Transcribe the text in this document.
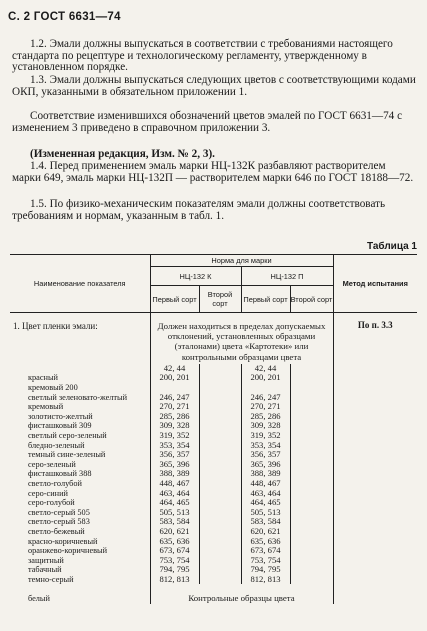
С. 2 ГОСТ 6631—74

1.2. Эмали должны выпускаться в соответствии с требованиями настоящего стандарта по рецептуре и технологическому регламенту, утвержденному в установленном порядке.

1.3. Эмали должны выпускаться следующих цветов с соответствующими кодами ОКП, указанными в обязательном приложении 1.

Соответствие изменившихся обозначений цветов эмалей по ГОСТ 6631—74 с изменением 3 приведено в справочном приложении 3.

(Измененная редакция, Изм. № 2, 3).

1.4. Перед применением эмаль марки НЦ-132К разбавляют растворителем марки 649, эмаль марки НЦ-132П — растворителем марки 646 по ГОСТ 18188—72.

1.5. По физико-механическим показателям эмали должны соответствовать требованиям и нормам, указанным в табл. 1.

Таблица 1
Наименование показателя	Норма для марки				Метод испытания
	НЦ-132 К		НЦ-132 П		
	Первый сорт	Второй сорт	Первый сорт	Второй сорт	
1. Цвет пленки эмали:	Должен находиться в пределах допускаемых отклонений, установленных образцами (эталонами) цвета «Картотеки» или контрольными образцами цвета				По п. 3.3
	42, 44		42, 44		
красный	200, 201		200, 201		
кремовый 200					
светлый зеленовато-желтый	246, 247		246, 247		
кремовый	270, 271		270, 271		
золотисто-желтый	285, 286		285, 286		
фисташковый 309	309, 328		309, 328		
светлый серо-зеленый	319, 352		319, 352		
бледно-зеленый	353, 354		353, 354		
темный сине-зеленый	356, 357		356, 357		
серо-зеленый	365, 396		365, 396		
фисташковый 388	388, 389		388, 389		
светло-голубой	448, 467		448, 467		
серо-синий	463, 464		463, 464		
серо-голубой	464, 465		464, 465		
светло-серый 505	505, 513		505, 513		
светло-серый 583	583, 584		583, 584		
светло-бежевый	620, 621		620, 621		
красно-коричневый	635, 636		635, 636		
оранжево-коричневый	673, 674		673, 674		
защитный	753, 754		753, 754		
табачный	794, 795		794, 795		
темно-серый	812, 813		812, 813		
белый	Контрольные образцы цвета				
